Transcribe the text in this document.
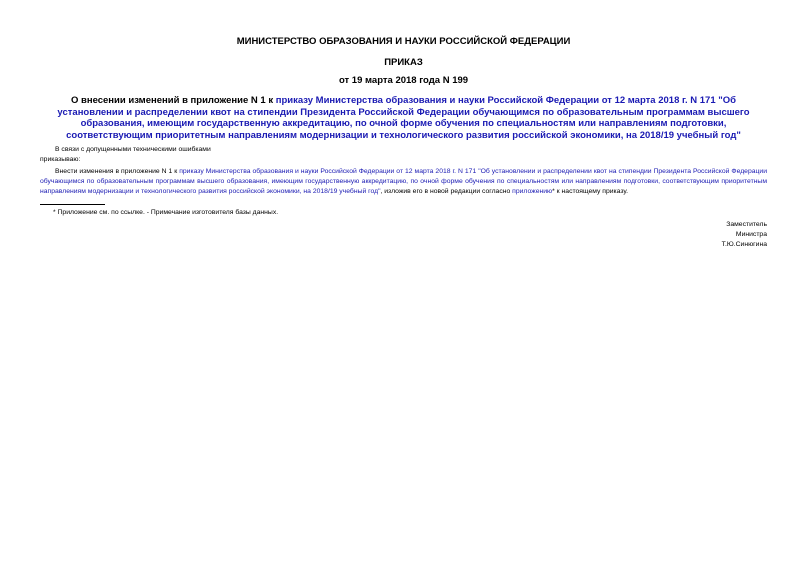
МИНИСТЕРСТВО ОБРАЗОВАНИЯ И НАУКИ РОССИЙСКОЙ ФЕДЕРАЦИИ
ПРИКАЗ
от 19 марта 2018 года N 199
О внесении изменений в приложение N 1 к приказу Министерства образования и науки Российской Федерации от 12 марта 2018 г. N 171 "Об установлении и распределении квот на стипендии Президента Российской Федерации обучающимся по образовательным программам высшего образования, имеющим государственную аккредитацию, по очной форме обучения по специальностям или направлениям подготовки, соответствующим приоритетным направлениям модернизации и технологического развития российской экономики, на 2018/19 учебный год"
В связи с допущенными техническими ошибками
приказываю:
Внести изменения в приложение N 1 к приказу Министерства образования и науки Российской Федерации от 12 марта 2018 г. N 171 "Об установлении и распределении квот на стипендии Президента Российской Федерации обучающимся по образовательным программам высшего образования, имеющим государственную аккредитацию, по очной форме обучения по специальностям или направлениям подготовки, соответствующим приоритетным направлениям модернизации и технологического развития российской экономики, на 2018/19 учебный год", изложив его в новой редакции согласно приложению* к настоящему приказу.
* Приложение см. по ссылке. - Примечание изготовителя базы данных.
Заместитель
Министра
Т.Ю.Синюгина
